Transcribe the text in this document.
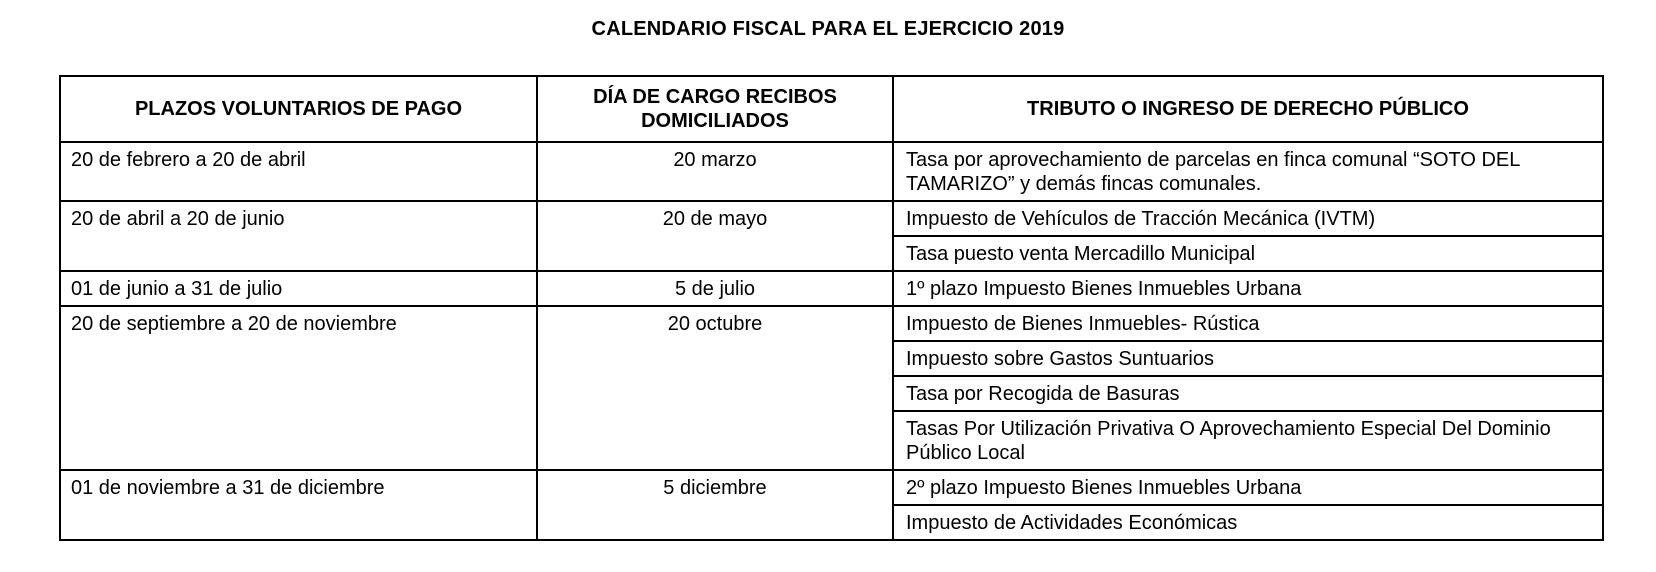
CALENDARIO FISCAL PARA EL EJERCICIO 2019
PLAZOS VOLUNTARIOS DE PAGO	DÍA DE CARGO RECIBOS DOMICILIADOS	TRIBUTO O INGRESO DE DERECHO PÚBLICO
20 de febrero a 20 de abril	20 marzo	Tasa por aprovechamiento de parcelas en finca comunal “SOTO DEL TAMARIZO” y demás fincas comunales.
20 de abril a 20 de junio	20 de mayo	Impuesto de Vehículos de Tracción Mecánica (IVTM)
		Tasa puesto venta Mercadillo Municipal
01 de junio a 31 de julio	5 de julio	1º plazo Impuesto Bienes Inmuebles Urbana
20 de septiembre a 20 de noviembre	20 octubre	Impuesto de Bienes Inmuebles- Rústica
		Impuesto sobre Gastos Suntuarios
		Tasa por Recogida de Basuras
		Tasas Por Utilización Privativa O Aprovechamiento Especial Del Dominio Público Local
01 de noviembre a 31 de diciembre	5 diciembre	2º plazo Impuesto Bienes Inmuebles Urbana
		Impuesto de Actividades Económicas
